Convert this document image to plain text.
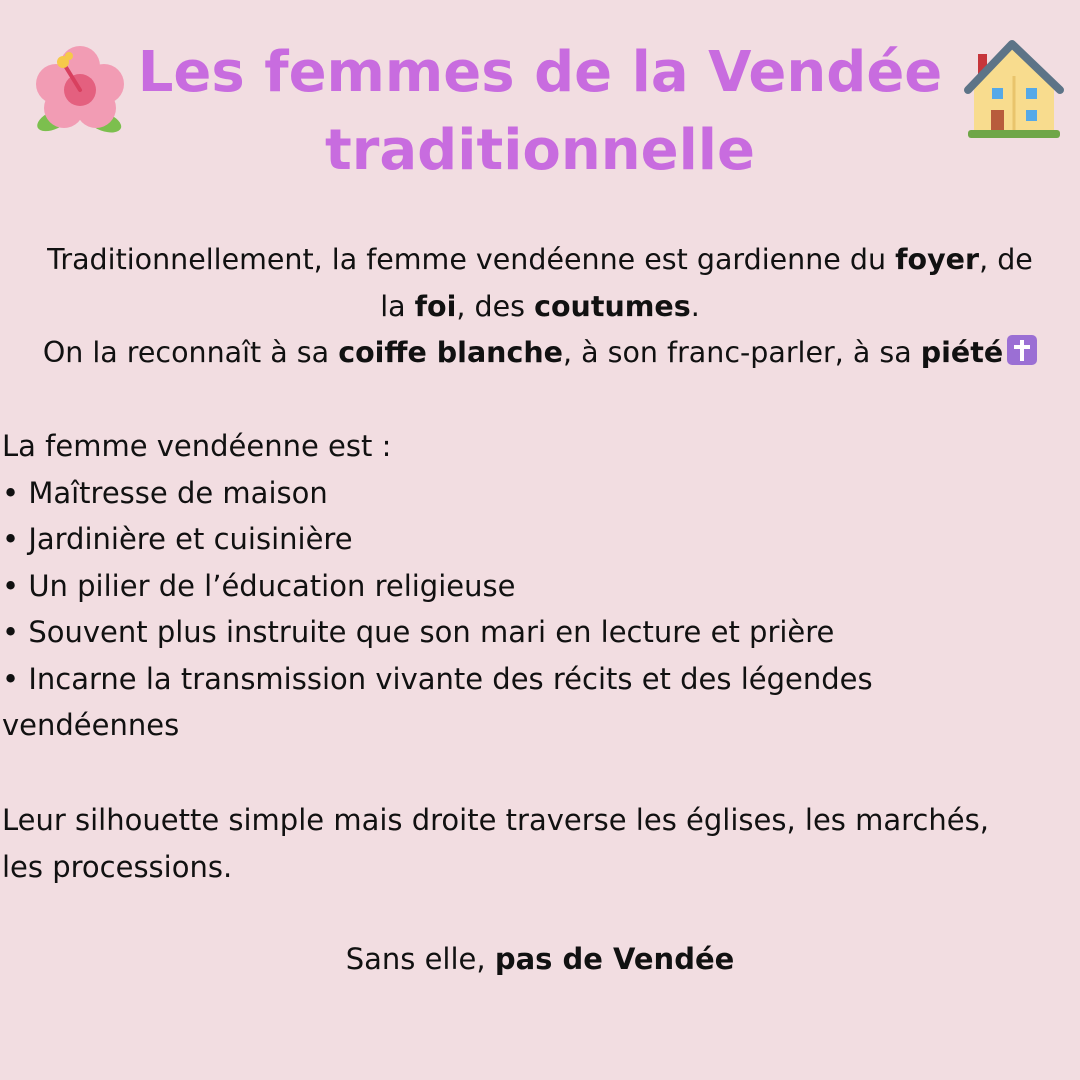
Les femmes de la Vendée
traditionnelle

Traditionnellement, la femme vendéenne est gardienne du foyer, de
la foi, des coutumes.
On la reconnaît à sa coiffe blanche, à son franc-parler, à sa piété

La femme vendéenne est :
• Maîtresse de maison
• Jardinière et cuisinière
• Un pilier de l’éducation religieuse
• Souvent plus instruite que son mari en lecture et prière
• Incarne la transmission vivante des récits et des légendes
vendéennes

Leur silhouette simple mais droite traverse les églises, les marchés,
les processions.

Sans elle, pas de Vendée
